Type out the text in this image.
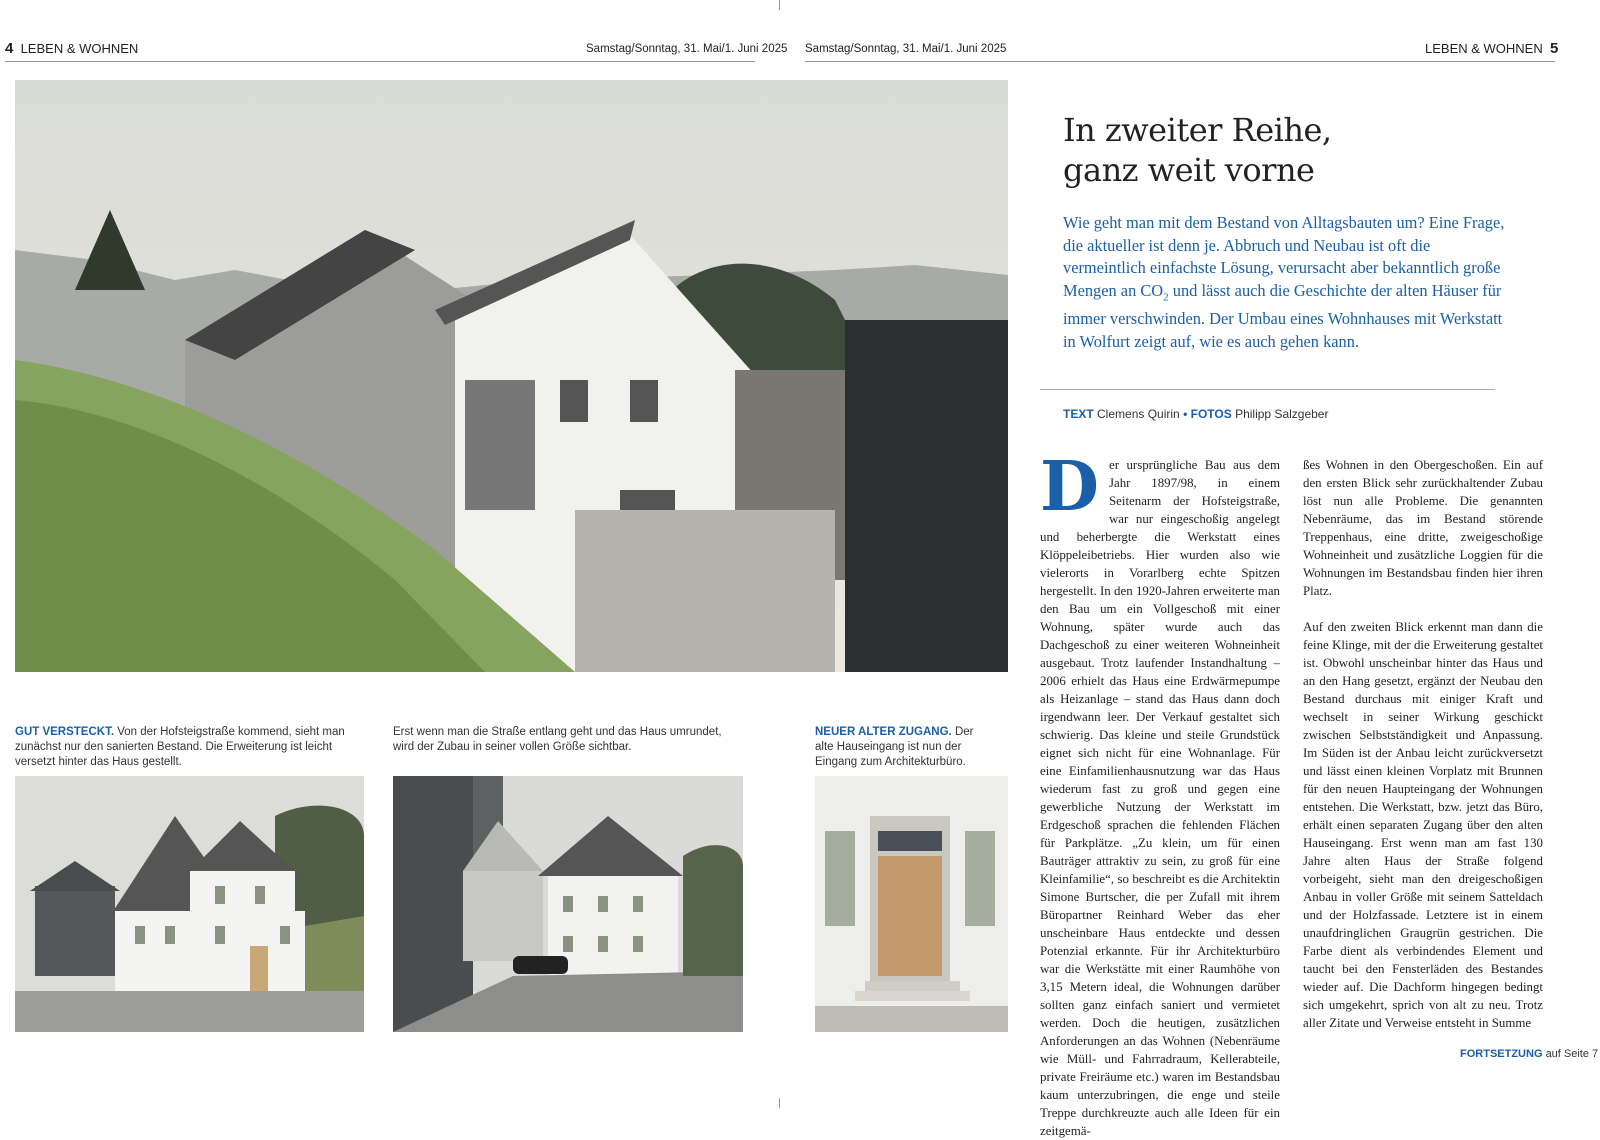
4 LEBEN & WOHNEN	Samstag/Sonntag, 31. Mai/1. Juni 2025 Samstag/Sonntag, 31. Mai/1. Juni 2025	LEBEN & WOHNEN 5
GUT VERSTECKT. Von der Hofsteigstraße kommend, sieht man zunächst nur den sanierten Bestand. Die Erweiterung ist leicht versetzt hinter das Haus gestellt.
Erst wenn man die Straße entlang geht und das Haus umrundet, wird der Zubau in seiner vollen Größe sichtbar.
NEUER ALTER ZUGANG. Der alte Hauseingang ist nun der Eingang zum Architekturbüro.
In zweiter Reihe,
ganz weit vorne
Wie geht man mit dem Bestand von Alltagsbauten um? Eine Frage, die aktueller ist denn je. Abbruch und Neubau ist oft die vermeintlich einfachste Lösung, verursacht aber bekanntlich große Mengen an $CO_2$ und lässt auch die Geschichte der alten Häuser für immer verschwinden. Der Umbau eines Wohnhauses mit Werkstatt in Wolfurt zeigt auf, wie es auch gehen kann.
TEXT Clemens Quirin • FOTOS Philipp Salzgeber
D er ursprüngliche Bau aus dem Jahr 1897/98, in einem Seitenarm der Hofsteigstraße, war nur eingeschoßig angelegt und beherbergte die Werkstatt eines Klöppeleibetriebs. Hier wurden also wie vielerorts in Vorarlberg echte Spitzen hergestellt. In den 1920-Jahren erweiterte man den Bau um ein Vollgeschoß mit einer Wohnung, später wurde auch das Dachgeschoß zu einer weiteren Wohneinheit ausgebaut. Trotz laufender Instandhaltung – 2006 erhielt das Haus eine Erdwärmepumpe als Heizanlage – stand das Haus dann doch irgendwann leer. Der Verkauf gestaltet sich schwierig. Das kleine und steile Grundstück eignet sich nicht für eine Wohnanlage. Für eine Einfamilienhausnutzung war das Haus wiederum fast zu groß und gegen eine gewerbliche Nutzung der Werkstatt im Erdgeschoß sprachen die fehlenden Flächen für Parkplätze. „Zu klein, um für einen Bauträger attraktiv zu sein, zu groß für eine Kleinfamilie“, so beschreibt es die Architektin Simone Burtscher, die per Zufall mit ihrem Büropartner Reinhard Weber das eher unscheinbare Haus entdeckte und dessen Potenzial erkannte. Für ihr Architekturbüro war die Werkstätte mit einer Raumhöhe von 3,15 Metern ideal, die Wohnungen darüber sollten ganz einfach saniert und vermietet werden. Doch die heutigen, zusätzlichen Anforderungen an das Wohnen (Nebenräume wie Müll- und Fahrradraum, Kellerabteile, private Freiräume etc.) waren im Bestandsbau kaum unterzubringen, die enge und steile Treppe durchkreuzte auch alle Ideen für ein zeitgemä-

ßes Wohnen in den Obergeschoßen. Ein auf den ersten Blick sehr zurückhaltender Zubau löst nun alle Probleme. Die genannten Nebenräume, das im Bestand störende Treppenhaus, eine dritte, zweigeschoßige Wohneinheit und zusätzliche Loggien für die Wohnungen im Bestandsbau finden hier ihren Platz.

Auf den zweiten Blick erkennt man dann die feine Klinge, mit der die Erweiterung gestaltet ist. Obwohl unscheinbar hinter das Haus und an den Hang gesetzt, ergänzt der Neubau den Bestand durchaus mit einiger Kraft und wechselt in seiner Wirkung geschickt zwischen Selbstständigkeit und Anpassung. Im Süden ist der Anbau leicht zurückversetzt und lässt einen kleinen Vorplatz mit Brunnen für den neuen Haupteingang der Wohnungen entstehen. Die Werkstatt, bzw. jetzt das Büro, erhält einen separaten Zugang über den alten Hauseingang. Erst wenn man am fast 130 Jahre alten Haus der Straße folgend vorbeigeht, sieht man den dreigeschoßigen Anbau in voller Größe mit seinem Satteldach und der Holzfassade. Letztere ist in einem unaufdringlichen Graugrün gestrichen. Die Farbe dient als verbindendes Element und taucht bei den Fensterläden des Bestandes wieder auf. Die Dachform hingegen bedingt sich umgekehrt, sprich von alt zu neu. Trotz aller Zitate und Verweise entsteht in Summe

FORTSETZUNG auf Seite 7
